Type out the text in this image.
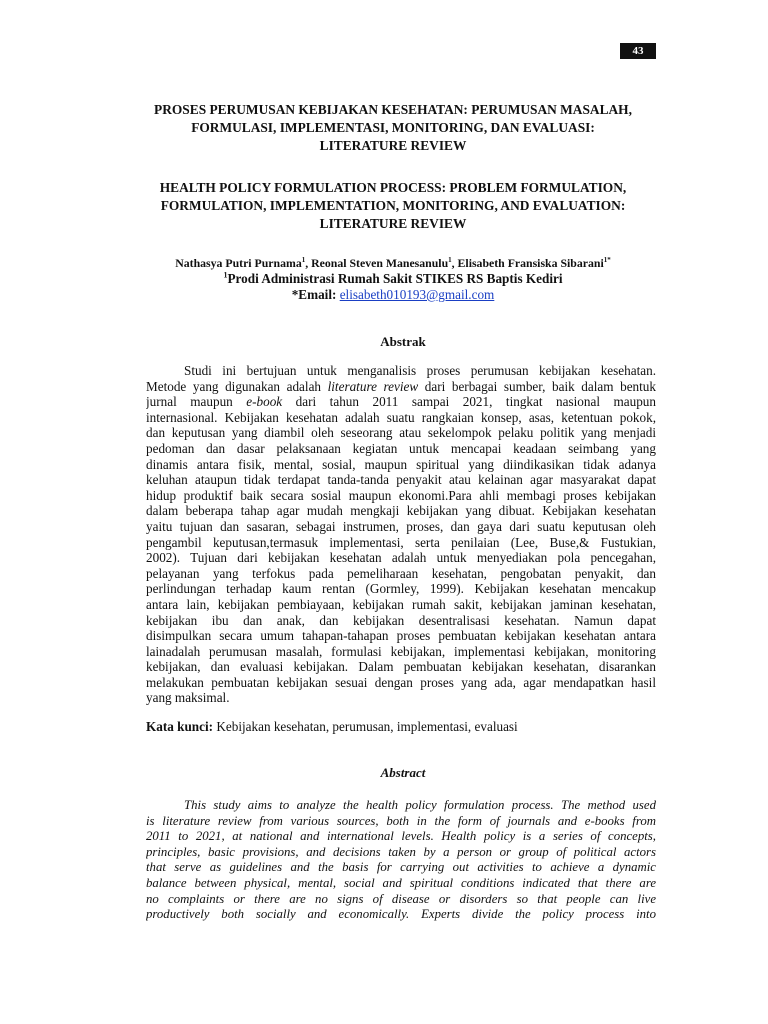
43
PROSES PERUMUSAN KEBIJAKAN KESEHATAN: PERUMUSAN MASALAH,
FORMULASI, IMPLEMENTASI, MONITORING, DAN EVALUASI:
LITERATURE REVIEW
HEALTH POLICY FORMULATION PROCESS: PROBLEM FORMULATION,
FORMULATION, IMPLEMENTATION, MONITORING, AND EVALUATION:
LITERATURE REVIEW
Nathasya Putri Purnama$^1$, Reonal Steven Manesanulu$^1$, Elisabeth Fransiska Sibarani$^{1*}$
$^1$Prodi Administrasi Rumah Sakit STIKES RS Baptis Kediri
*Email: elisabeth010193@gmail.com
Abstrak
Studi ini bertujuan untuk menganalisis proses perumusan kebijakan kesehatan.
Metode yang digunakan adalah literature review dari berbagai sumber, baik dalam bentuk
jurnal maupun e-book dari tahun 2011 sampai 2021, tingkat nasional maupun
internasional. Kebijakan kesehatan adalah suatu rangkaian konsep, asas, ketentuan pokok,
dan keputusan yang diambil oleh seseorang atau sekelompok pelaku politik yang menjadi
pedoman dan dasar pelaksanaan kegiatan untuk mencapai keadaan seimbang yang
dinamis antara fisik, mental, sosial, maupun spiritual yang diindikasikan tidak adanya
keluhan ataupun tidak terdapat tanda-tanda penyakit atau kelainan agar masyarakat dapat
hidup produktif baik secara sosial maupun ekonomi.Para ahli membagi proses kebijakan
dalam beberapa tahap agar mudah mengkaji kebijakan yang dibuat. Kebijakan kesehatan
yaitu tujuan dan sasaran, sebagai instrumen, proses, dan gaya dari suatu keputusan oleh
pengambil keputusan,termasuk implementasi, serta penilaian (Lee, Buse,& Fustukian,
2002). Tujuan dari kebijakan kesehatan adalah untuk menyediakan pola pencegahan,
pelayanan yang terfokus pada pemeliharaan kesehatan, pengobatan penyakit, dan
perlindungan terhadap kaum rentan (Gormley, 1999). Kebijakan kesehatan mencakup
antara lain, kebijakan pembiayaan, kebijakan rumah sakit, kebijakan jaminan kesehatan,
kebijakan ibu dan anak, dan kebijakan desentralisasi kesehatan. Namun dapat
disimpulkan secara umum tahapan-tahapan proses pembuatan kebijakan kesehatan antara
lainadalah perumusan masalah, formulasi kebijakan, implementasi kebijakan, monitoring
kebijakan, dan evaluasi kebijakan. Dalam pembuatan kebijakan kesehatan, disarankan
melakukan pembuatan kebijakan sesuai dengan proses yang ada, agar mendapatkan hasil
yang maksimal.
Kata kunci: Kebijakan kesehatan, perumusan, implementasi, evaluasi
Abstract
This study aims to analyze the health policy formulation process. The method used
is literature review from various sources, both in the form of journals and e-books from
2011 to 2021, at national and international levels. Health policy is a series of concepts,
principles, basic provisions, and decisions taken by a person or group of political actors
that serve as guidelines and the basis for carrying out activities to achieve a dynamic
balance between physical, mental, social and spiritual conditions indicated that there are
no complaints or there are no signs of disease or disorders so that people can live
productively both socially and economically. Experts divide the policy process into
